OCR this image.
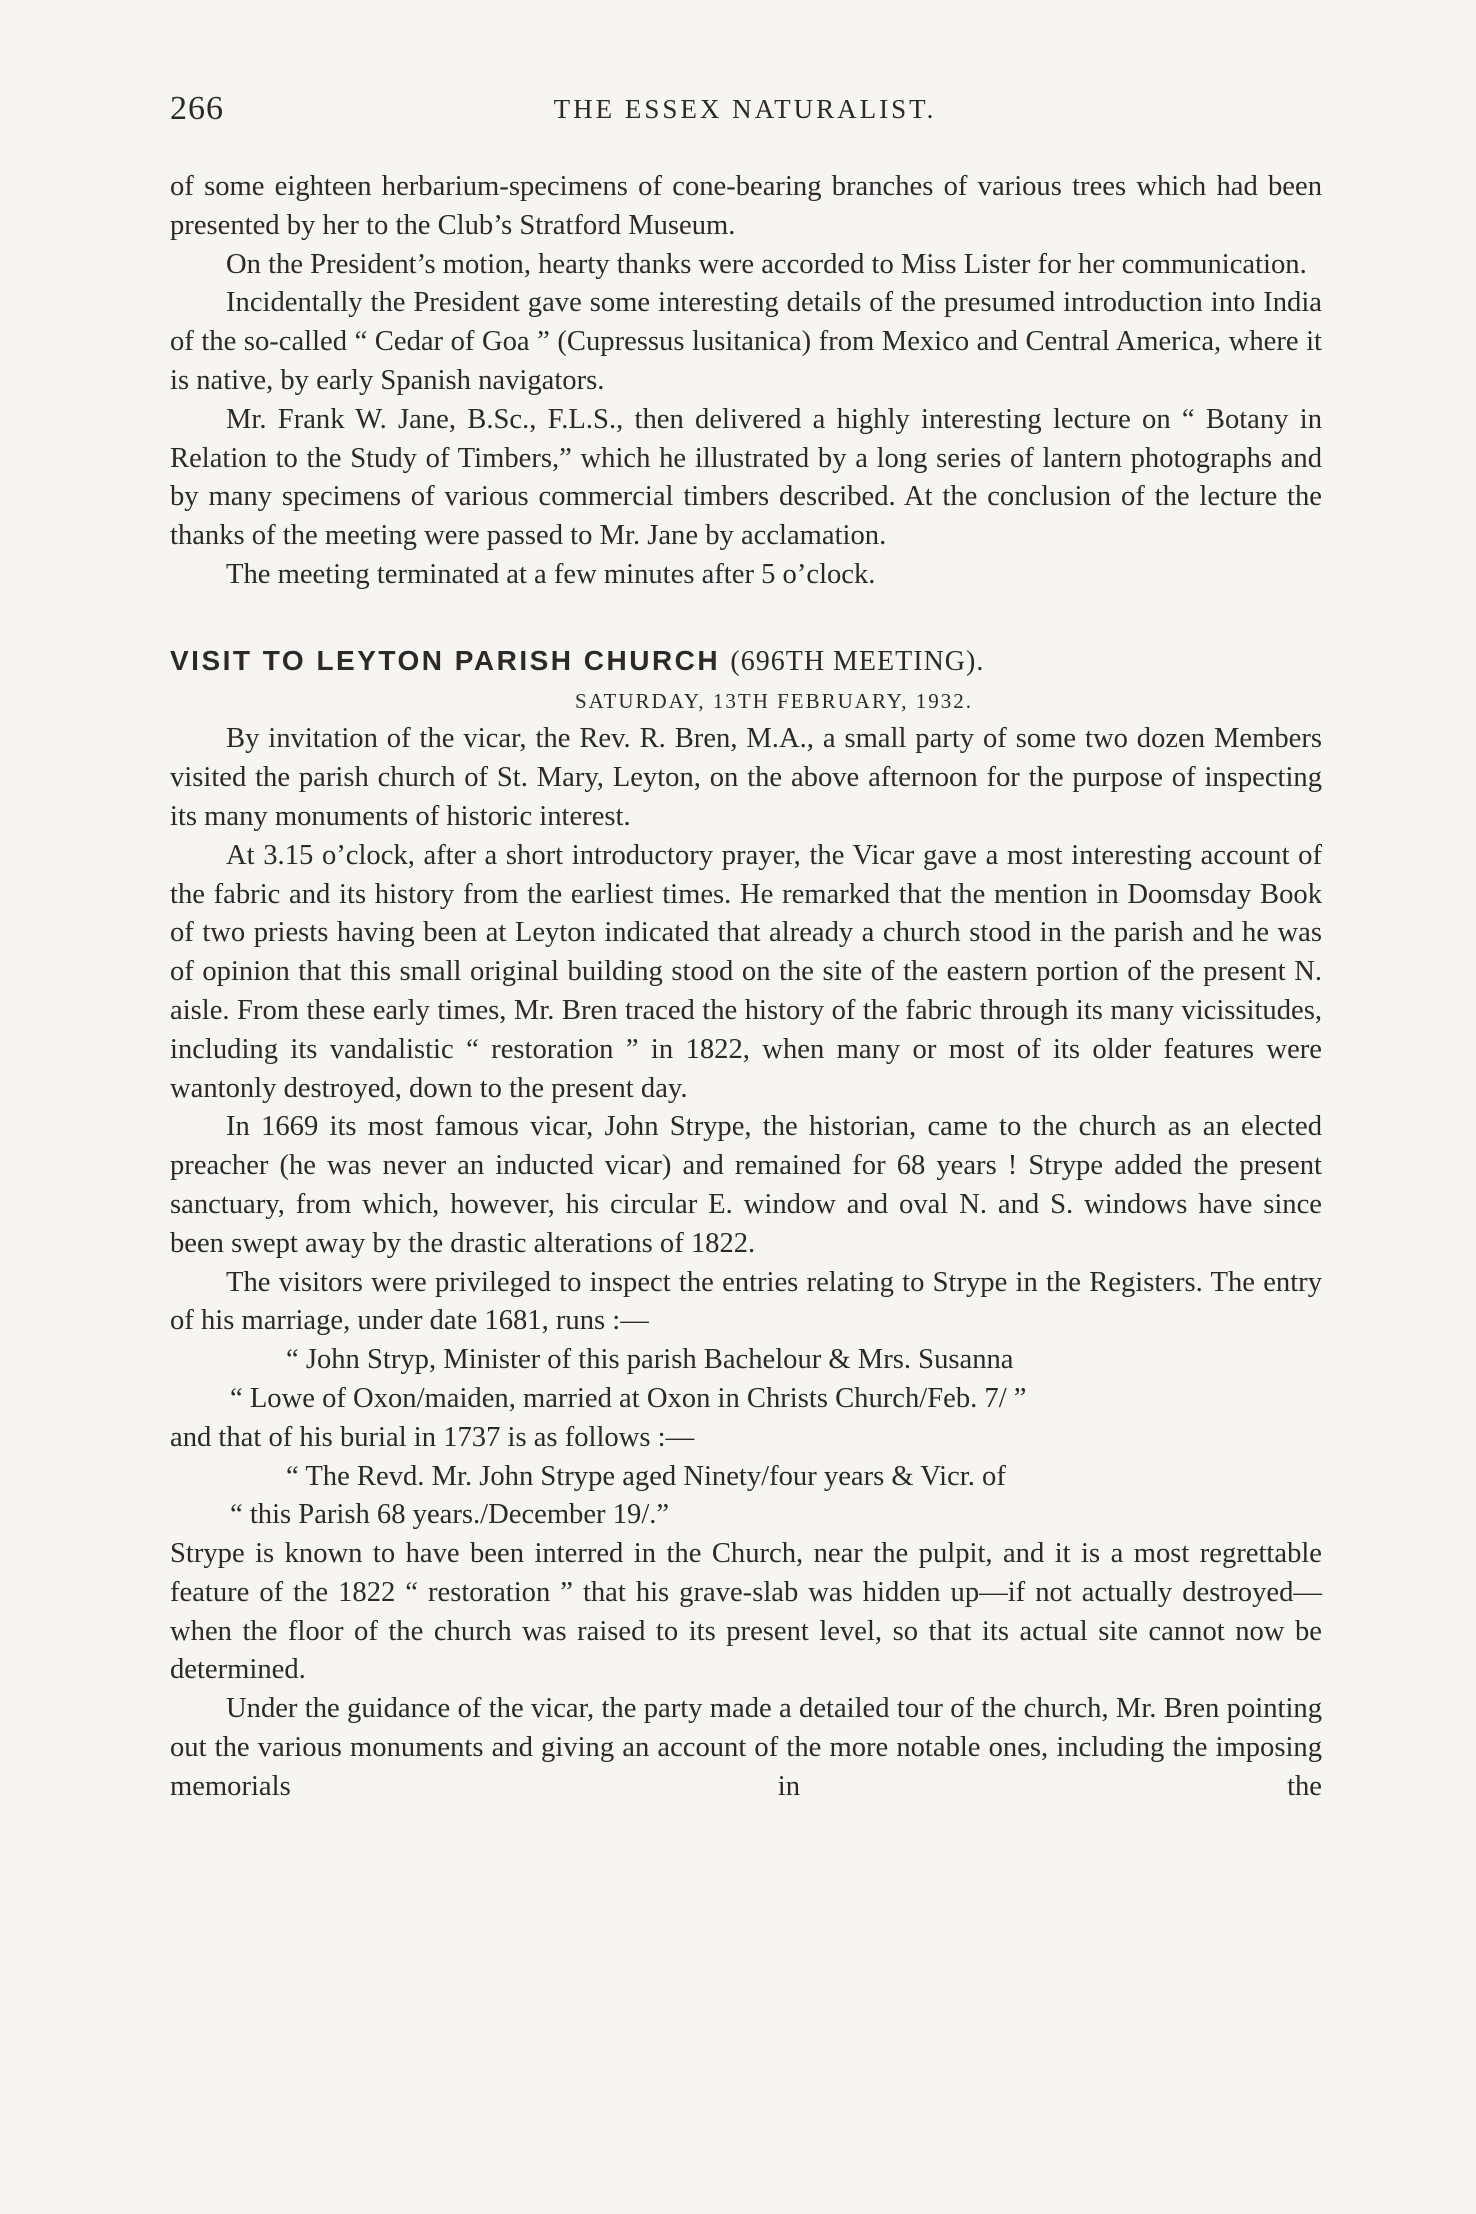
266	THE ESSEX NATURALIST.

of some eighteen herbarium-specimens of cone-bearing branches of various trees which had been presented by her to the Club’s Stratford Museum.

On the President’s motion, hearty thanks were accorded to Miss Lister for her communication.

Incidentally the President gave some interesting details of the presumed introduction into India of the so-called “ Cedar of Goa ” (Cupressus lusitanica) from Mexico and Central America, where it is native, by early Spanish navigators.

Mr. Frank W. Jane, B.Sc., F.L.S., then delivered a highly interesting lecture on “ Botany in Relation to the Study of Timbers,” which he illustrated by a long series of lantern photographs and by many specimens of various commercial timbers described. At the conclusion of the lecture the thanks of the meeting were passed to Mr. Jane by acclamation.

The meeting terminated at a few minutes after 5 o’clock.

VISIT TO LEYTON PARISH CHURCH (696TH MEETING).

SATURDAY, 13TH FEBRUARY, 1932.

By invitation of the vicar, the Rev. R. Bren, M.A., a small party of some two dozen Members visited the parish church of St. Mary, Leyton, on the above afternoon for the purpose of inspecting its many monuments of historic interest.

At 3.15 o’clock, after a short introductory prayer, the Vicar gave a most interesting account of the fabric and its history from the earliest times. He remarked that the mention in Doomsday Book of two priests having been at Leyton indicated that already a church stood in the parish and he was of opinion that this small original building stood on the site of the eastern portion of the present N. aisle. From these early times, Mr. Bren traced the history of the fabric through its many vicissitudes, including its vandalistic “ restoration ” in 1822, when many or most of its older features were wantonly destroyed, down to the present day.

In 1669 its most famous vicar, John Strype, the historian, came to the church as an elected preacher (he was never an inducted vicar) and remained for 68 years ! Strype added the present sanctuary, from which, however, his circular E. window and oval N. and S. windows have since been swept away by the drastic alterations of 1822.

The visitors were privileged to inspect the entries relating to Strype in the Registers. The entry of his marriage, under date 1681, runs :—

“ John Stryp, Minister of this parish Bachelour & Mrs. Susanna

“ Lowe of Oxon/maiden, married at Oxon in Christs Church/Feb. 7/ ”

and that of his burial in 1737 is as follows :—

“ The Revd. Mr. John Strype aged Ninety/four years & Vicr. of

“ this Parish 68 years./December 19/.”

Strype is known to have been interred in the Church, near the pulpit, and it is a most regrettable feature of the 1822 “ restoration ” that his grave-slab was hidden up—if not actually destroyed—when the floor of the church was raised to its present level, so that its actual site cannot now be determined.

Under the guidance of the vicar, the party made a detailed tour of the church, Mr. Bren pointing out the various monuments and giving an account of the more notable ones, including the imposing memorials in the
